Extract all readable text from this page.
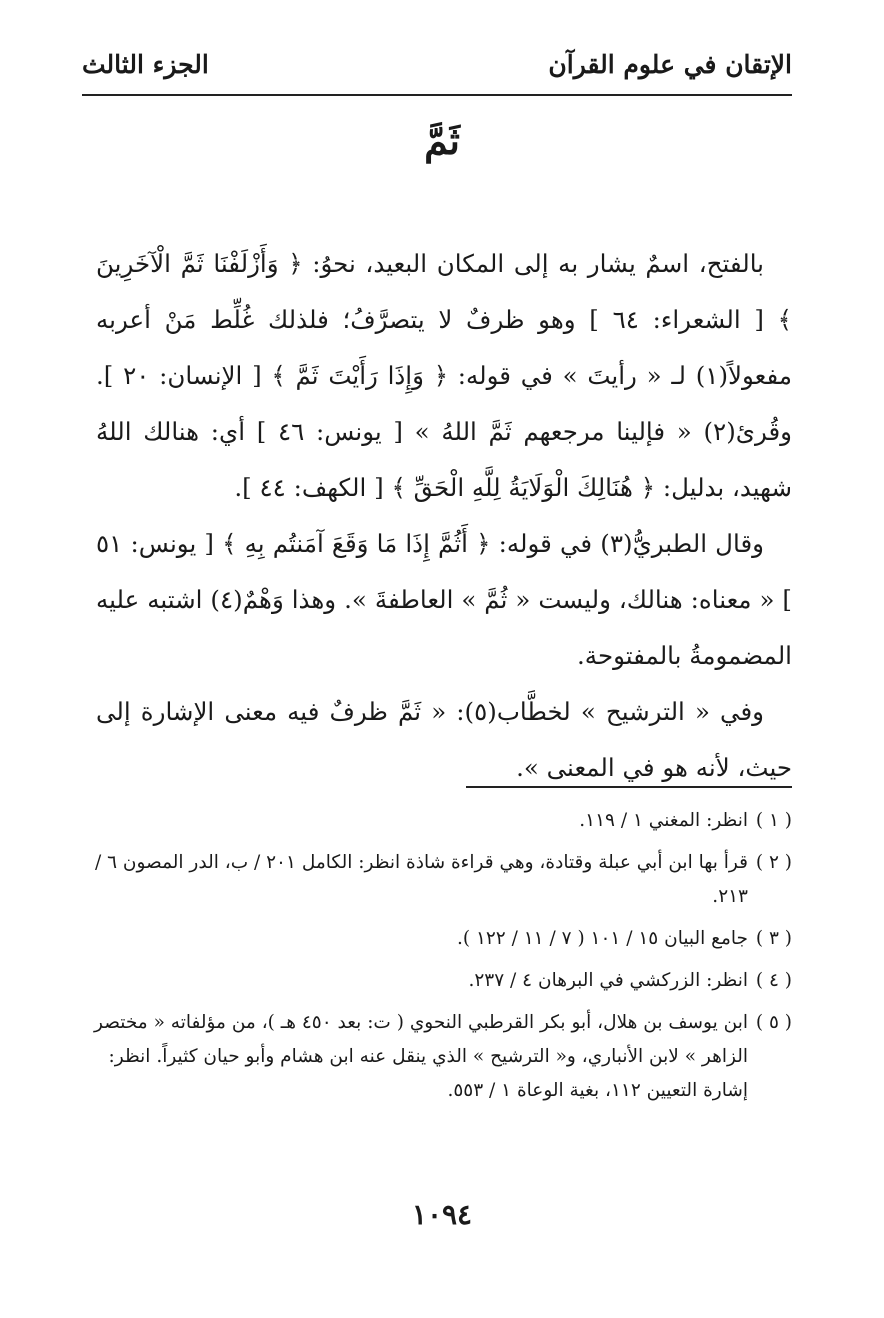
الإتقان في علوم القرآن
الجزء الثالث
ثَمَّ

بالفتح، اسمٌ يشار به إلى المكان البعيد، نحوُ: ﴿ وَأَزْلَفْنَا ثَمَّ الْآخَرِينَ ﴾ [ الشعراء: ٦٤ ] وهو ظرفٌ لا يتصرَّفُ؛ فلذلك غُلِّط مَنْ أعربه مفعولاً(١) لـ « رأيتَ » في قوله: ﴿ وَإِذَا رَأَيْتَ ثَمَّ ﴾ [ الإنسان: ٢٠ ]. وقُرئ(٢) « فإلينا مرجعهم ثَمَّ اللهُ » [ يونس: ٤٦ ] أي: هنالك اللهُ شهيد، بدليل: ﴿ هُنَالِكَ الْوَلَايَةُ لِلَّهِ الْحَقِّ ﴾ [ الكهف: ٤٤ ].

وقال الطبريُّ(٣) في قوله: ﴿ أَثُمَّ إِذَا مَا وَقَعَ آمَنتُم بِهِ ﴾ [ يونس: ٥١ ] « معناه: هنالك، وليست « ثُمَّ » العاطفةَ ». وهذا وَهْمٌ(٤) اشتبه عليه المضمومةُ بالمفتوحة.

وفي « الترشيح » لخطَّاب(٥): « ثَمَّ ظرفٌ فيه معنى الإشارة إلى حيث، لأنه هو في المعنى ».

( ١ )
انظر: المغني ١ / ١١٩.
( ٢ )
قرأ بها ابن أبي عبلة وقتادة، وهي قراءة شاذة انظر: الكامل ٢٠١ / ب، الدر المصون ٦ / ٢١٣.
( ٣ )
جامع البيان ١٥ / ١٠١ ( ٧ / ١١ / ١٢٢ ).
( ٤ )
انظر: الزركشي في البرهان ٤ / ٢٣٧.
( ٥ )
ابن يوسف بن هلال، أبو بكر القرطبي النحوي ( ت: بعد ٤٥٠ هـ )، من مؤلفاته « مختصر الزاهر » لابن الأنباري، و« الترشيح » الذي ينقل عنه ابن هشام وأبو حيان كثيراً. انظر: إشارة التعيين ١١٢، بغية الوعاة ١ / ٥٥٣.
١٠٩٤
